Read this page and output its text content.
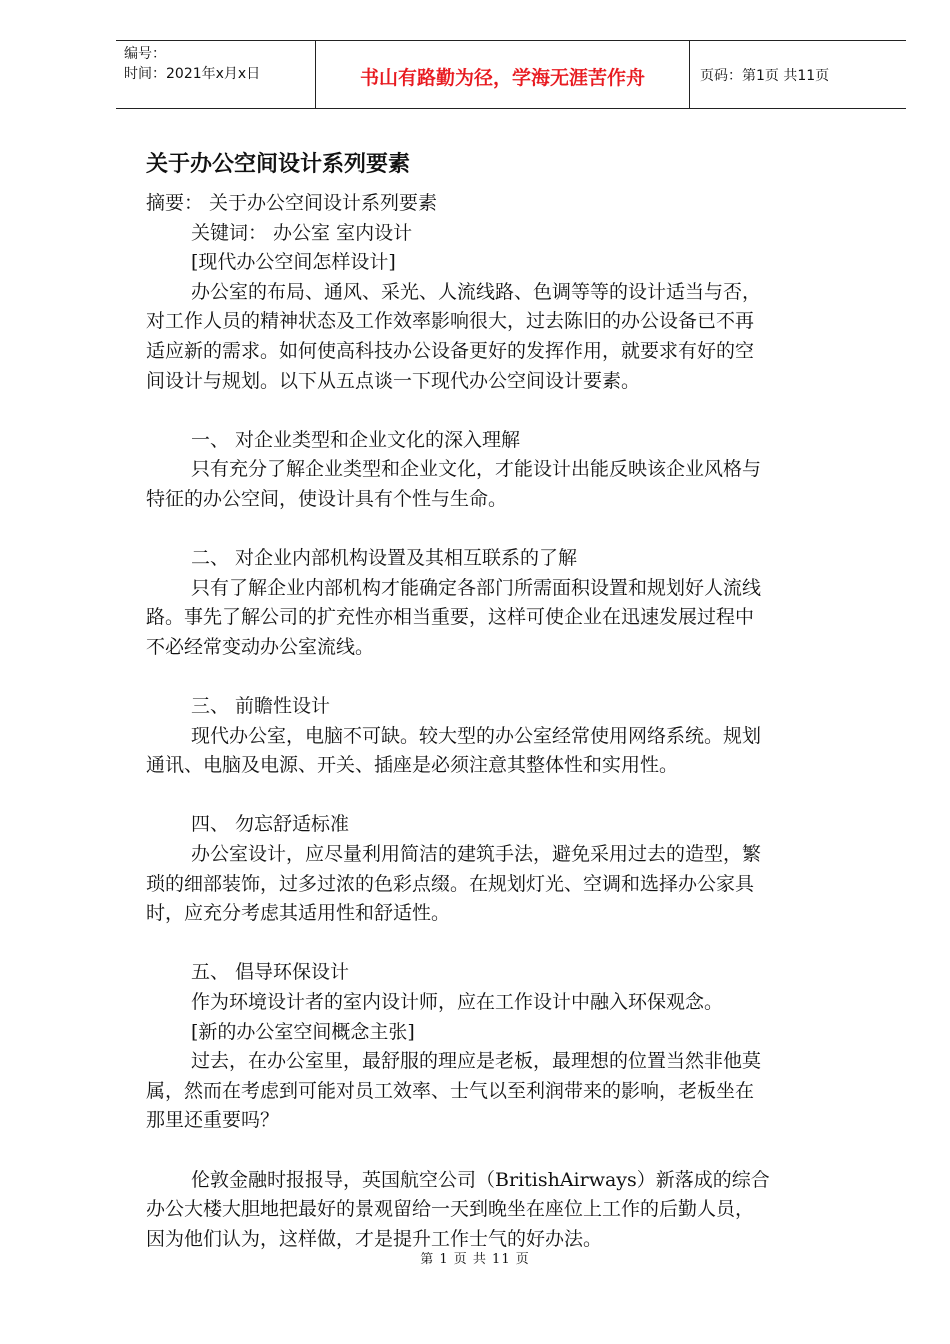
编号：
时间：2021年x月x日	书山有路勤为径，学海无涯苦作舟	页码：第1页 共11页
关于办公空间设计系列要素
摘要： 关于办公空间设计系列要素
关键词： 办公室 室内设计
[现代办公空间怎样设计]
办公室的布局、通风、采光、人流线路、色调等等的设计适当与否，
对工作人员的精神状态及工作效率影响很大，过去陈旧的办公设备已不再
适应新的需求。如何使高科技办公设备更好的发挥作用，就要求有好的空
间设计与规划。以下从五点谈一下现代办公空间设计要素。
一、 对企业类型和企业文化的深入理解
只有充分了解企业类型和企业文化，才能设计出能反映该企业风格与
特征的办公空间，使设计具有个性与生命。
二、 对企业内部机构设置及其相互联系的了解
只有了解企业内部机构才能确定各部门所需面积设置和规划好人流线
路。事先了解公司的扩充性亦相当重要，这样可使企业在迅速发展过程中
不必经常变动办公室流线。
三、 前瞻性设计
现代办公室，电脑不可缺。较大型的办公室经常使用网络系统。规划
通讯、电脑及电源、开关、插座是必须注意其整体性和实用性。
四、 勿忘舒适标准
办公室设计，应尽量利用简洁的建筑手法，避免采用过去的造型，繁
琐的细部装饰，过多过浓的色彩点缀。在规划灯光、空调和选择办公家具
时，应充分考虑其适用性和舒适性。
五、 倡导环保设计
作为环境设计者的室内设计师，应在工作设计中融入环保观念。
[新的办公室空间概念主张]
过去，在办公室里，最舒服的理应是老板，最理想的位置当然非他莫
属，然而在考虑到可能对员工效率、士气以至利润带来的影响，老板坐在
那里还重要吗？
伦敦金融时报报导，英国航空公司（BritishAirways）新落成的综合
办公大楼大胆地把最好的景观留给一天到晚坐在座位上工作的后勤人员，
因为他们认为，这样做，才是提升工作士气的好办法。
第 1 页 共 11 页
